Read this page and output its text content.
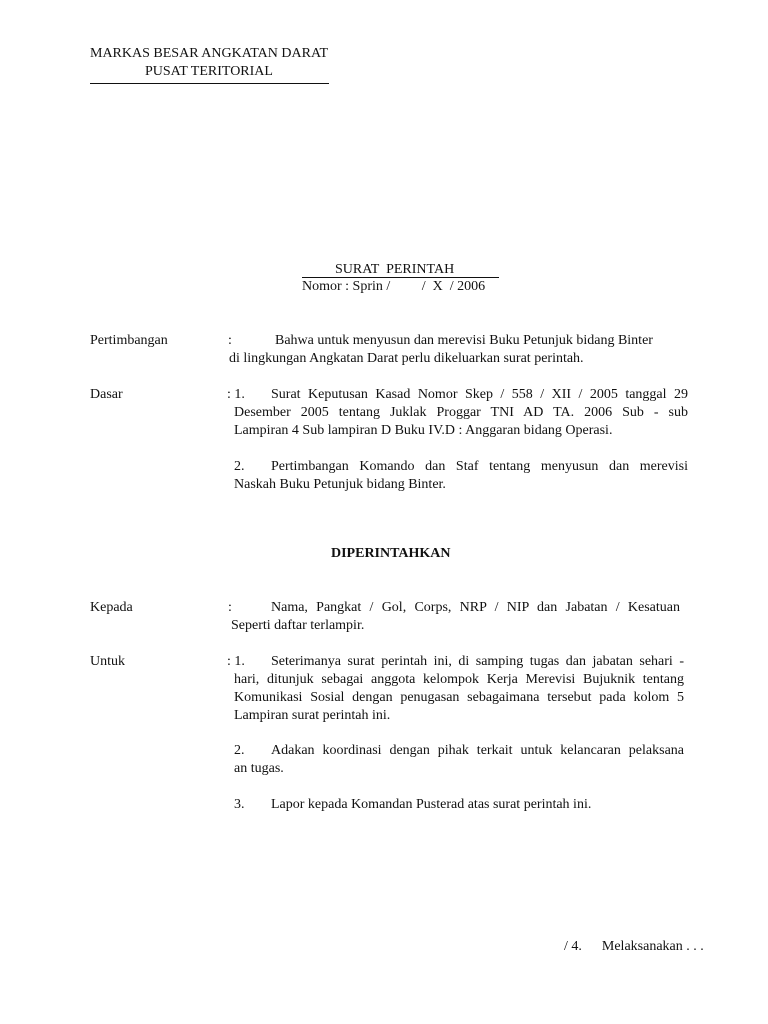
MARKAS BESAR ANGKATAN DARAT
PUSAT TERITORIAL
SURAT  PERINTAH
Nomor : Sprin /         /  X  / 2006
Pertimbangan	:	Bahwa untuk menyusun dan merevisi Buku Petunjuk bidang Binter
di lingkungan Angkatan Darat perlu dikeluarkan surat perintah.
Dasar	: 1. Surat Keputusan Kasad Nomor Skep / 558 / XII / 2005 tanggal 29
Desember 2005 tentang Juklak Proggar TNI AD TA. 2006 Sub - sub
Lampiran 4 Sub lampiran D Buku IV.D : Anggaran bidang Operasi.
2. Pertimbangan Komando dan Staf tentang menyusun dan merevisi
Naskah Buku Petunjuk bidang Binter.
DIPERINTAHKAN
Kepada	:	Nama, Pangkat / Gol, Corps, NRP / NIP dan Jabatan / Kesatuan
Seperti daftar terlampir.
Untuk	: 1. Seterimanya surat perintah ini, di samping tugas dan jabatan sehari -
hari, ditunjuk sebagai anggota kelompok Kerja Merevisi Bujuknik tentang
Komunikasi Sosial dengan penugasan sebagaimana tersebut pada kolom 5
Lampiran surat perintah ini.
2. Adakan koordinasi dengan pihak terkait untuk kelancaran pelaksana
an tugas.
3. Lapor kepada Komandan Pusterad atas surat perintah ini.
/ 4. Melaksanakan . . .
